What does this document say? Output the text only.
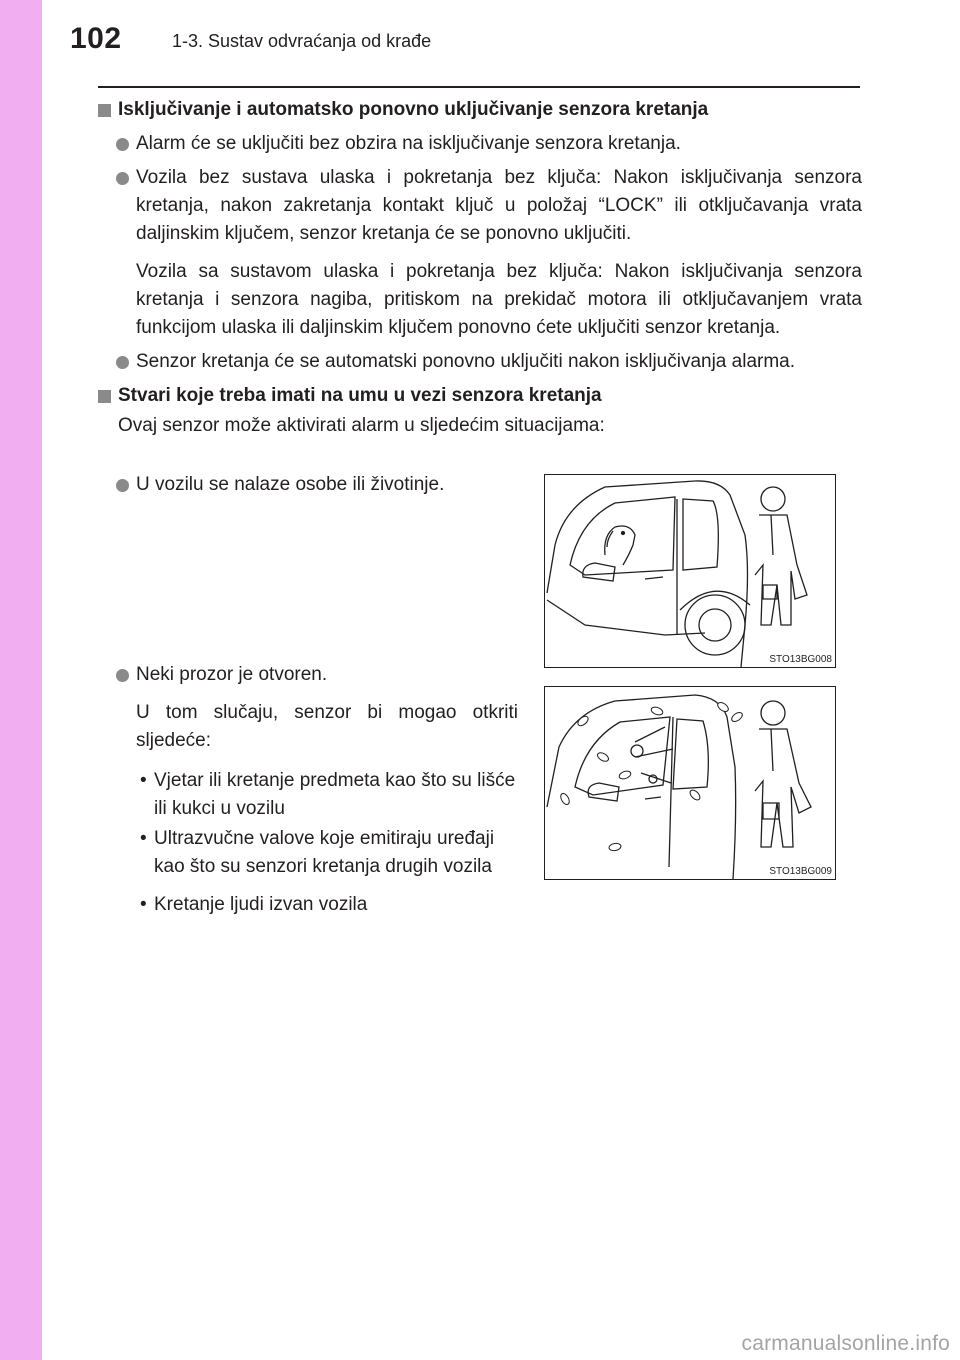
102	1-3. Sustav odvraćanja od krađe
Isključivanje i automatsko ponovno uključivanje senzora kretanja
Alarm će se uključiti bez obzira na isključivanje senzora kretanja.
Vozila bez sustava ulaska i pokretanja bez ključa: Nakon isključivanja senzora kretanja, nakon zakretanja kontakt ključ u položaj “LOCK” ili otključavanja vrata daljinskim ključem, senzor kretanja će se ponovno uključiti.
Vozila sa sustavom ulaska i pokretanja bez ključa: Nakon isključivanja senzora kretanja i senzora nagiba, pritiskom na prekidač motora ili otključavanjem vrata funkcijom ulaska ili daljinskim ključem ponovno ćete uključiti senzor kretanja.
Senzor kretanja će se automatski ponovno uključiti nakon isključivanja alarma.
Stvari koje treba imati na umu u vezi senzora kretanja
Ovaj senzor može aktivirati alarm u sljedećim situacijama:
U vozilu se nalaze osobe ili životinje.
Neki prozor je otvoren.
U tom slučaju, senzor bi mogao otkriti sljedeće:
• Vjetar ili kretanje predmeta kao što su lišće ili kukci u vozilu
• Ultrazvučne valove koje emitiraju uređaji kao što su senzori kretanja drugih vozila
• Kretanje ljudi izvan vozila
STO13BG008
STO13BG009
carmanualsonline.info
